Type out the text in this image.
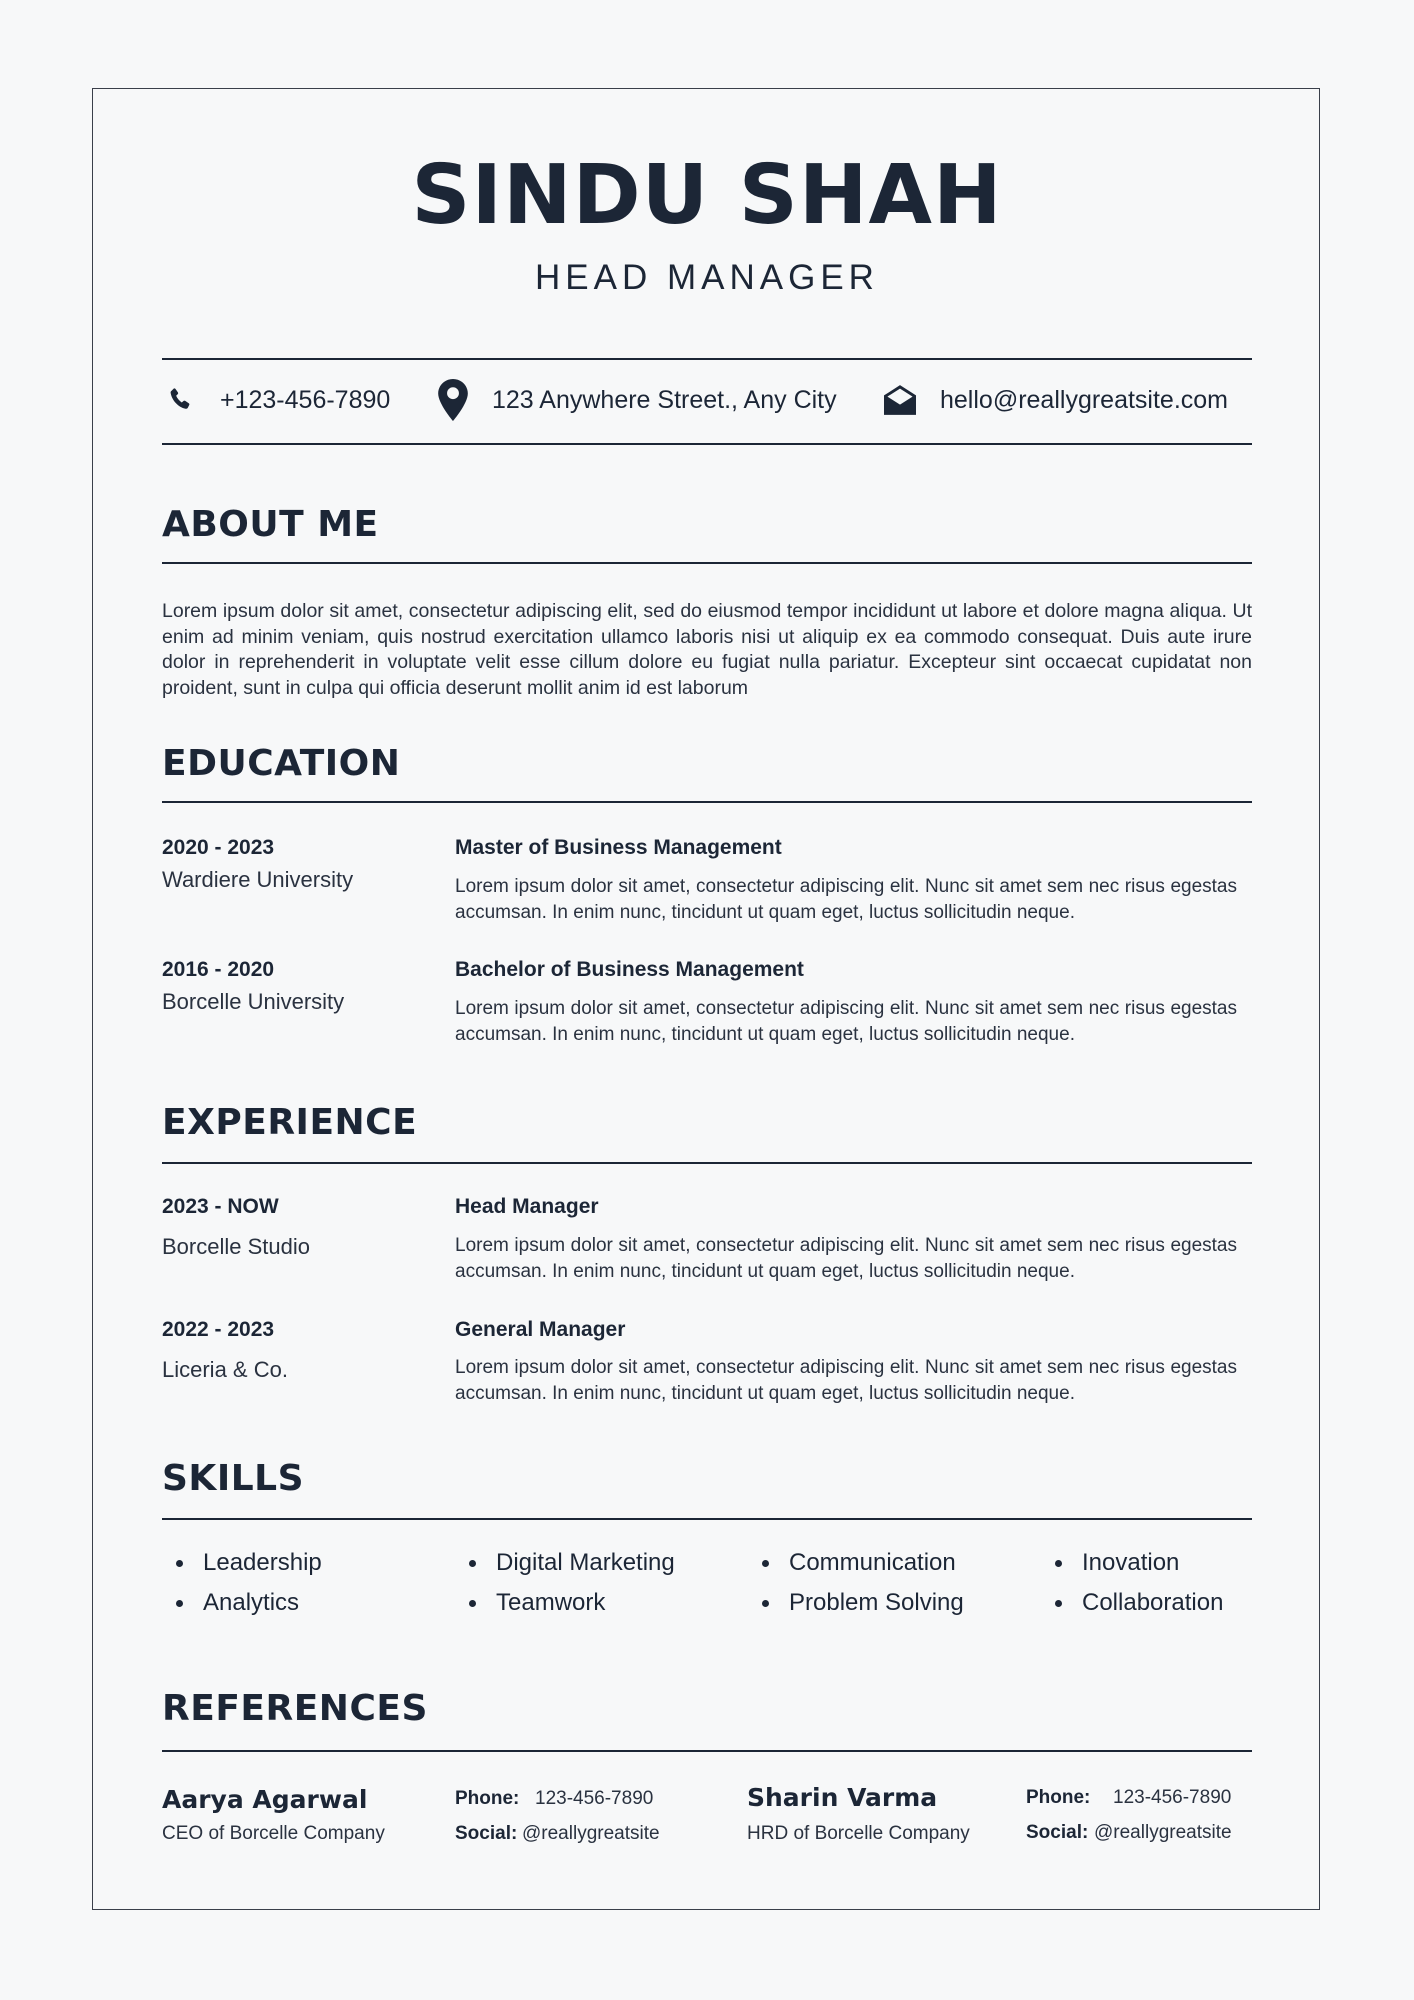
SINDU SHAH
HEAD MANAGER
+123-456-7890	123 Anywhere Street., Any City	hello@reallygreatsite.com
ABOUT ME
Lorem ipsum dolor sit amet, consectetur adipiscing elit, sed do eiusmod tempor incididunt ut labore et dolore magna aliqua. Ut enim ad minim veniam, quis nostrud exercitation ullamco laboris nisi ut aliquip ex ea commodo consequat. Duis aute irure dolor in reprehenderit in voluptate velit esse cillum dolore eu fugiat nulla pariatur. Excepteur sint occaecat cupidatat non proident, sunt in culpa qui officia deserunt mollit anim id est laborum
EDUCATION
2020 - 2023
Wardiere University
Master of Business Management
Lorem ipsum dolor sit amet, consectetur adipiscing elit. Nunc sit amet sem nec risus egestas accumsan. In enim nunc, tincidunt ut quam eget, luctus sollicitudin neque.
2016 - 2020
Borcelle University
Bachelor of Business Management
Lorem ipsum dolor sit amet, consectetur adipiscing elit. Nunc sit amet sem nec risus egestas accumsan. In enim nunc, tincidunt ut quam eget, luctus sollicitudin neque.
EXPERIENCE
2023 - NOW
Borcelle Studio
Head Manager
Lorem ipsum dolor sit amet, consectetur adipiscing elit. Nunc sit amet sem nec risus egestas accumsan. In enim nunc, tincidunt ut quam eget, luctus sollicitudin neque.
2022 - 2023
Liceria & Co.
General Manager
Lorem ipsum dolor sit amet, consectetur adipiscing elit. Nunc sit amet sem nec risus egestas accumsan. In enim nunc, tincidunt ut quam eget, luctus sollicitudin neque.
SKILLS
Leadership
Analytics
Digital Marketing
Teamwork
Communication
Problem Solving
Inovation
Collaboration
REFERENCES
Aarya Agarwal
CEO of Borcelle Company
Phone: 123-456-7890
Social: @reallygreatsite
Sharin Varma
HRD of Borcelle Company
Phone: 123-456-7890
Social: @reallygreatsite
